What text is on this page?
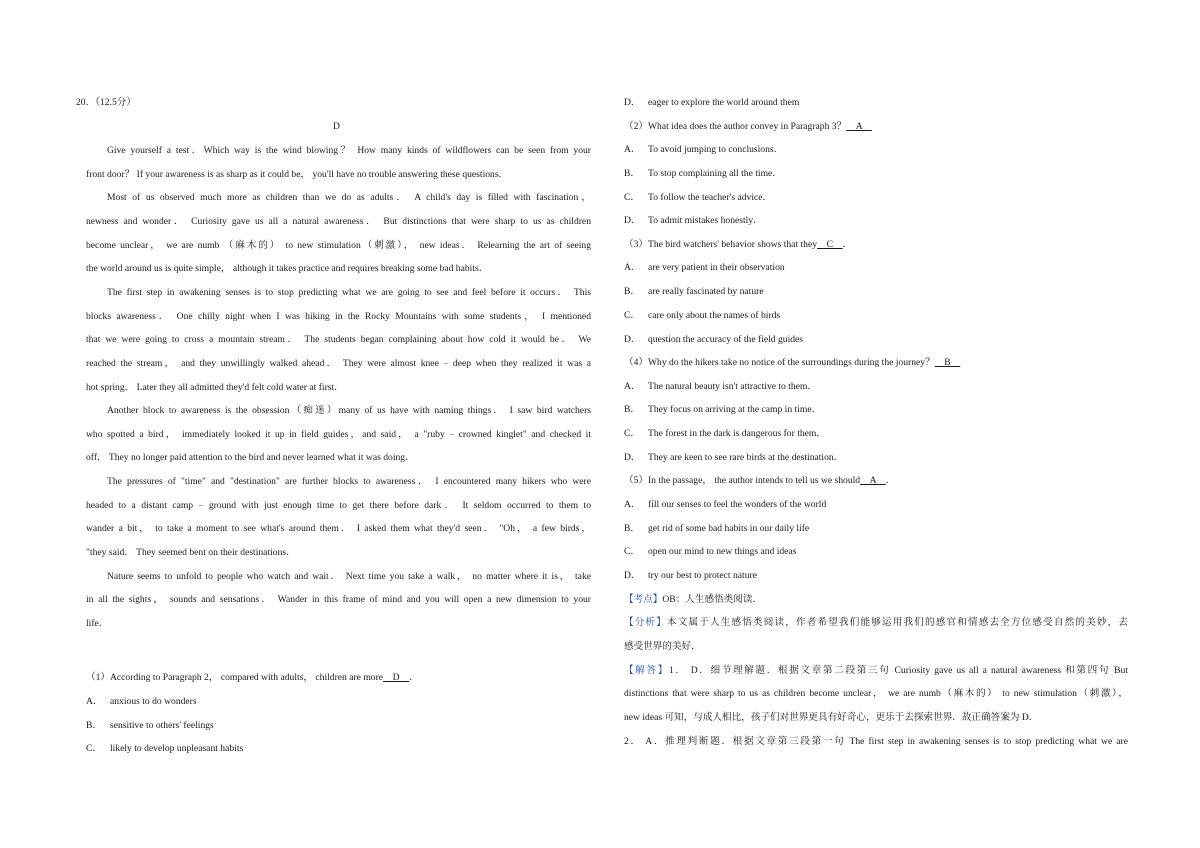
20．（12.5分）
D
Give yourself a test．Which way is the wind blowing？ How many kinds of wildflowers can be seen from your
front door？ If your awareness is as sharp as it could be， you'll have no trouble answering these questions．
Most of us observed much more as children than we do as adults． A child's day is filled with fascination，
newness and wonder． Curiosity gave us all a natural awareness． But distinctions that were sharp to us as children
become unclear， we are numb （麻木的） to new stimulation（刺激）， new ideas． Relearning the art of seeing
the world around us is quite simple， although it takes practice and requires breaking some bad habits．
The first step in awakening senses is to stop predicting what we are going to see and feel before it occurs． This
blocks awareness． One chilly night when I was hiking in the Rocky Mountains with some students， I mentioned
that we were going to cross a mountain stream． The students began complaining about how cold it would be． We
reached the stream， and they unwillingly walked ahead． They were almost knee﹣deep when they realized it was a
hot spring． Later they all admitted they'd felt cold water at first．
Another block to awareness is the obsession（痴迷）many of us have with naming things． I saw bird watchers
who spotted a bird， immediately looked it up in field guides，and said， a "ruby﹣crowned kinglet" and checked it
off． They no longer paid attention to the bird and never learned what it was doing．
The pressures of "time" and "destination" are further blocks to awareness． I encountered many hikers who were
headed to a distant camp﹣ground with just enough time to get there before dark． It seldom occurred to them to
wander a bit， to take a moment to see what's around them． I asked them what they'd seen． "Oh， a few birds，
"they said． They seemed bent on their destinations．
Nature seems to unfold to people who watch and wait． Next time you take a walk， no matter where it is， take
in all the sights， sounds and sensations． Wander in this frame of mind and you will open a new dimension to your
life．
（1）According to Paragraph 2， compared with adults， children are more　D　．
A． anxious to do wonders
B． sensitive to others' feelings
C． likely to develop unpleasant habits
D． eager to explore the world around them
（2）What idea does the author convey in Paragraph 3？　A　
A． To avoid jumping to conclusions．
B． To stop complaining all the time．
C． To follow the teacher's advice．
D． To admit mistakes honestly．
（3）The bird watchers' behavior shows that they　C　．
A． are very patient in their observation
B． are really fascinated by nature
C． care only about the names of birds
D． question the accuracy of the field guides
（4）Why do the hikers take no notice of the surroundings during the journey？　B　
A． The natural beauty isn't attractive to them．
B． They focus on arriving at the camp in time．
C． The forest in the dark is dangerous for them．
D． They are keen to see rare birds at the destination．
（5）In the passage， the author intends to tell us we should　A　．
A． fill our senses to feel the wonders of the world
B． get rid of some bad habits in our daily life
C． open our mind to new things and ideas
D． try our best to protect nature
【考点】OB：人生感悟类阅读．
【分析】本文属于人生感悟类阅读，作者希望我们能够运用我们的感官和情感去全方位感受自然的美妙，去
感受世界的美好．
【解答】1． D．细节理解题．根据文章第二段第三句 Curiosity gave us all a natural awareness 和第四句 But
distinctions that were sharp to us as children become unclear， we are numb（麻木的） to new stimulation（刺激），
new ideas 可知，与成人相比，孩子们对世界更具有好奇心，更乐于去探索世界．故正确答案为 D．
2． A．推理判断题．根据文章第三段第一句 The first step in awakening senses is to stop predicting what we are
